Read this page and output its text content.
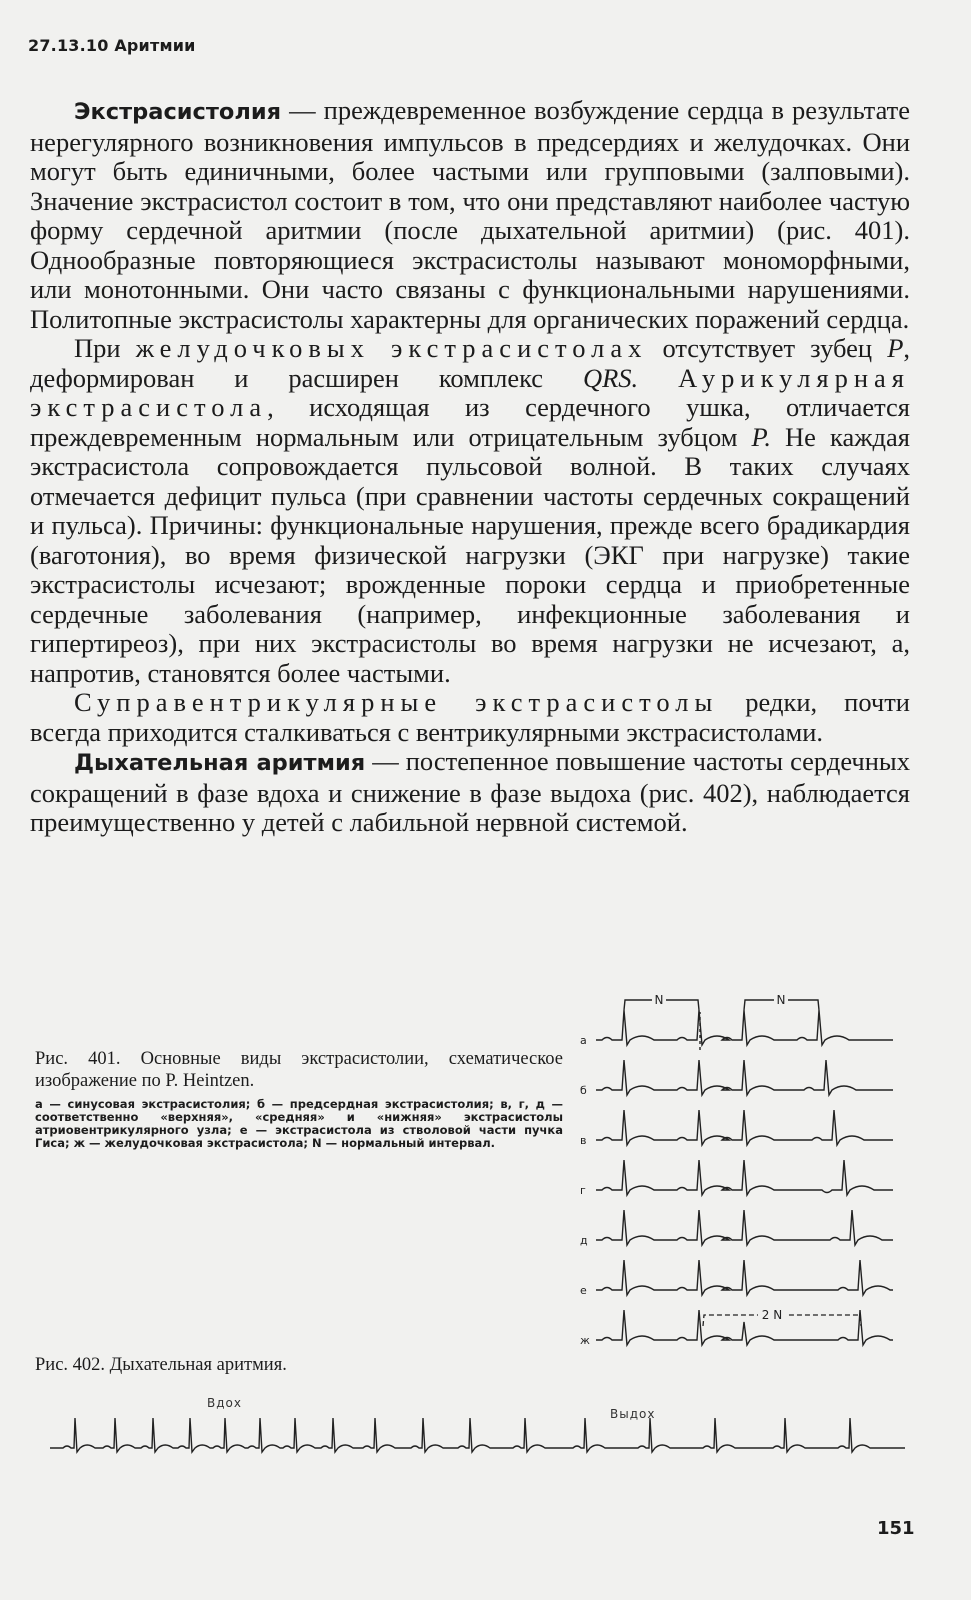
27.13.10 Аритмии

Экстрасистолия — преждевременное возбуждение сердца в результате нерегулярного возникновения импульсов в предсердиях и желудочках. Они могут быть единичными, более частыми или групповыми (залповыми). Значение экстрасистол состоит в том, что они представляют наиболее частую форму сердечной аритмии (после дыхательной аритмии) (рис. 401). Однообразные повторяющиеся экстрасистолы называют мономорфными, или монотонными. Они часто связаны с функциональными нарушениями. Политопные экстрасистолы характерны для органических поражений сердца.

При желудочковых экстрасистолах отсутствует зубец P, деформирован и расширен комплекс QRS. Аурикулярная экстрасистола, исходящая из сердечного ушка, отличается преждевременным нормальным или отрицательным зубцом P. Не каждая экстрасистола сопровождается пульсовой волной. В таких случаях отмечается дефицит пульса (при сравнении частоты сердечных сокращений и пульса). Причины: функциональные нарушения, прежде всего брадикардия (ваготония), во время физической нагрузки (ЭКГ при нагрузке) такие экстрасистолы исчезают; врожденные пороки сердца и приобретенные сердечные заболевания (например, инфекционные заболевания и гипертиреоз), при них экстрасистолы во время нагрузки не исчезают, а, напротив, становятся более частыми.

Суправентрикулярные экстрасистолы редки, почти всегда приходится сталкиваться с вентрикулярными экстрасистолами.

Дыхательная аритмия — постепенное повышение частоты сердечных сокращений в фазе вдоха и снижение в фазе выдоха (рис. 402), наблюдается преимущественно у детей с лабильной нервной системой.

Рис. 401. Основные виды экстрасистолии, схематическое изображение по P. Heintzen.

а — синусовая экстрасистолия; б — предсердная экстрасистолия; в, г, д — соответственно «верхняя», «средняя» и «нижняя» экстрасистолы атриовентрикулярного узла; е — экстрасистола из стволовой части пучка Гиса; ж — желудочковая экстрасистола; N — нормальный интервал.

N	N
2 N
а
б
в
г
д
е
ж
Рис. 402. Дыхательная аритмия.
Вдох
Выдох
151
